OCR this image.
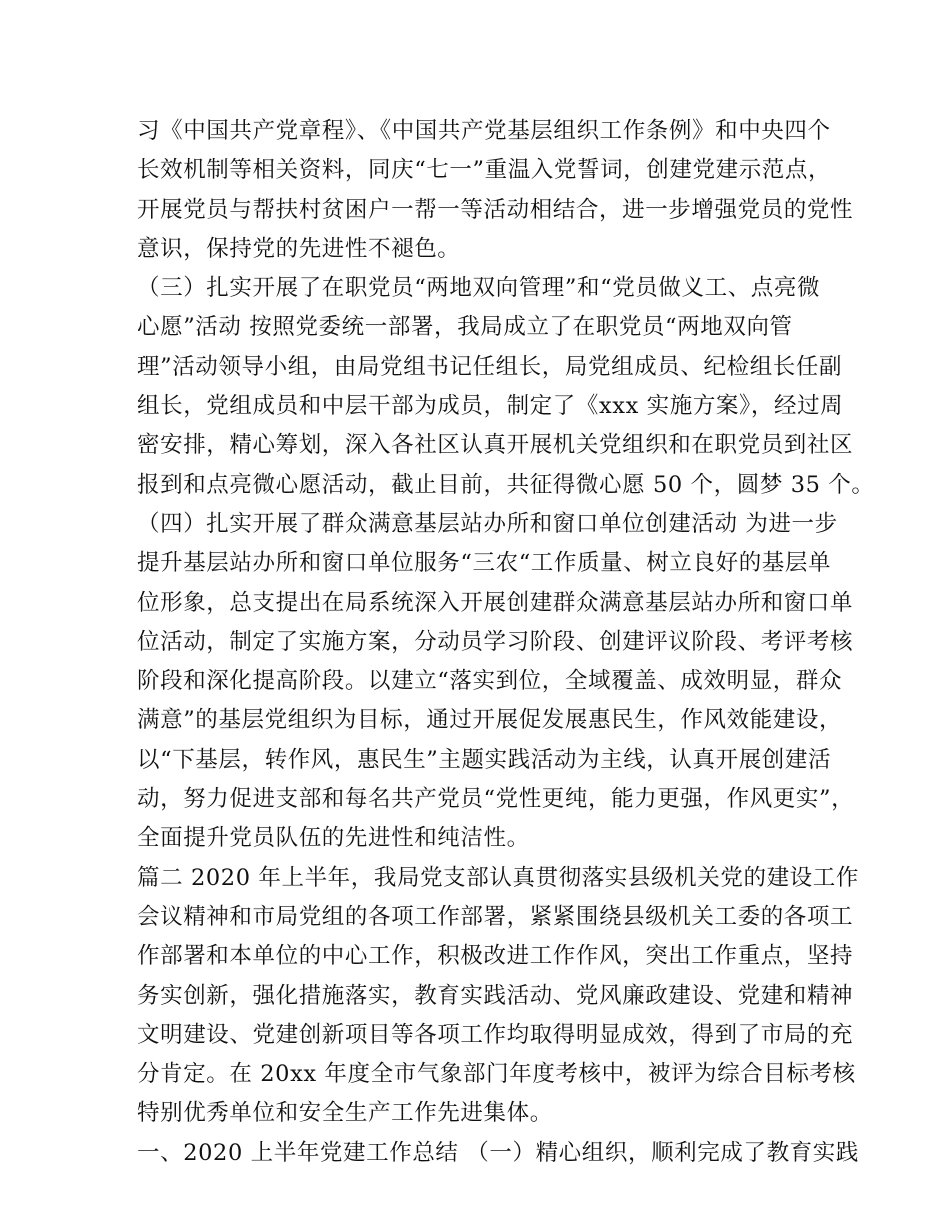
习《中国共产党章程》、《中国共产党基层组织工作条例》和中央四个
长效机制等相关资料，同庆“七一”重温入党誓词，创建党建示范点，
开展党员与帮扶村贫困户一帮一等活动相结合，进一步增强党员的党性
意识，保持党的先进性不褪色。
（三）扎实开展了在职党员“两地双向管理”和“党员做义工、点亮微
心愿”活动 按照党委统一部署，我局成立了在职党员“两地双向管
理”活动领导小组，由局党组书记任组长，局党组成员、纪检组长任副
组长，党组成员和中层干部为成员，制定了《xxx 实施方案》，经过周
密安排，精心筹划，深入各社区认真开展机关党组织和在职党员到社区
报到和点亮微心愿活动，截止目前，共征得微心愿 50 个，圆梦 35 个。
（四）扎实开展了群众满意基层站办所和窗口单位创建活动 为进一步
提升基层站办所和窗口单位服务“三农“工作质量、树立良好的基层单
位形象，总支提出在局系统深入开展创建群众满意基层站办所和窗口单
位活动，制定了实施方案，分动员学习阶段、创建评议阶段、考评考核
阶段和深化提高阶段。以建立“落实到位，全域覆盖、成效明显，群众
满意”的基层党组织为目标，通过开展促发展惠民生，作风效能建设，
以“下基层，转作风，惠民生”主题实践活动为主线，认真开展创建活
动，努力促进支部和每名共产党员“党性更纯，能力更强，作风更实”，
全面提升党员队伍的先进性和纯洁性。
篇二 2020 年上半年，我局党支部认真贯彻落实县级机关党的建设工作
会议精神和市局党组的各项工作部署，紧紧围绕县级机关工委的各项工
作部署和本单位的中心工作，积极改进工作作风，突出工作重点，坚持
务实创新，强化措施落实，教育实践活动、党风廉政建设、党建和精神
文明建设、党建创新项目等各项工作均取得明显成效，得到了市局的充
分肯定。在 20xx 年度全市气象部门年度考核中，被评为综合目标考核
特别优秀单位和安全生产工作先进集体。
一、2020 上半年党建工作总结 （一）精心组织，顺利完成了教育实践
